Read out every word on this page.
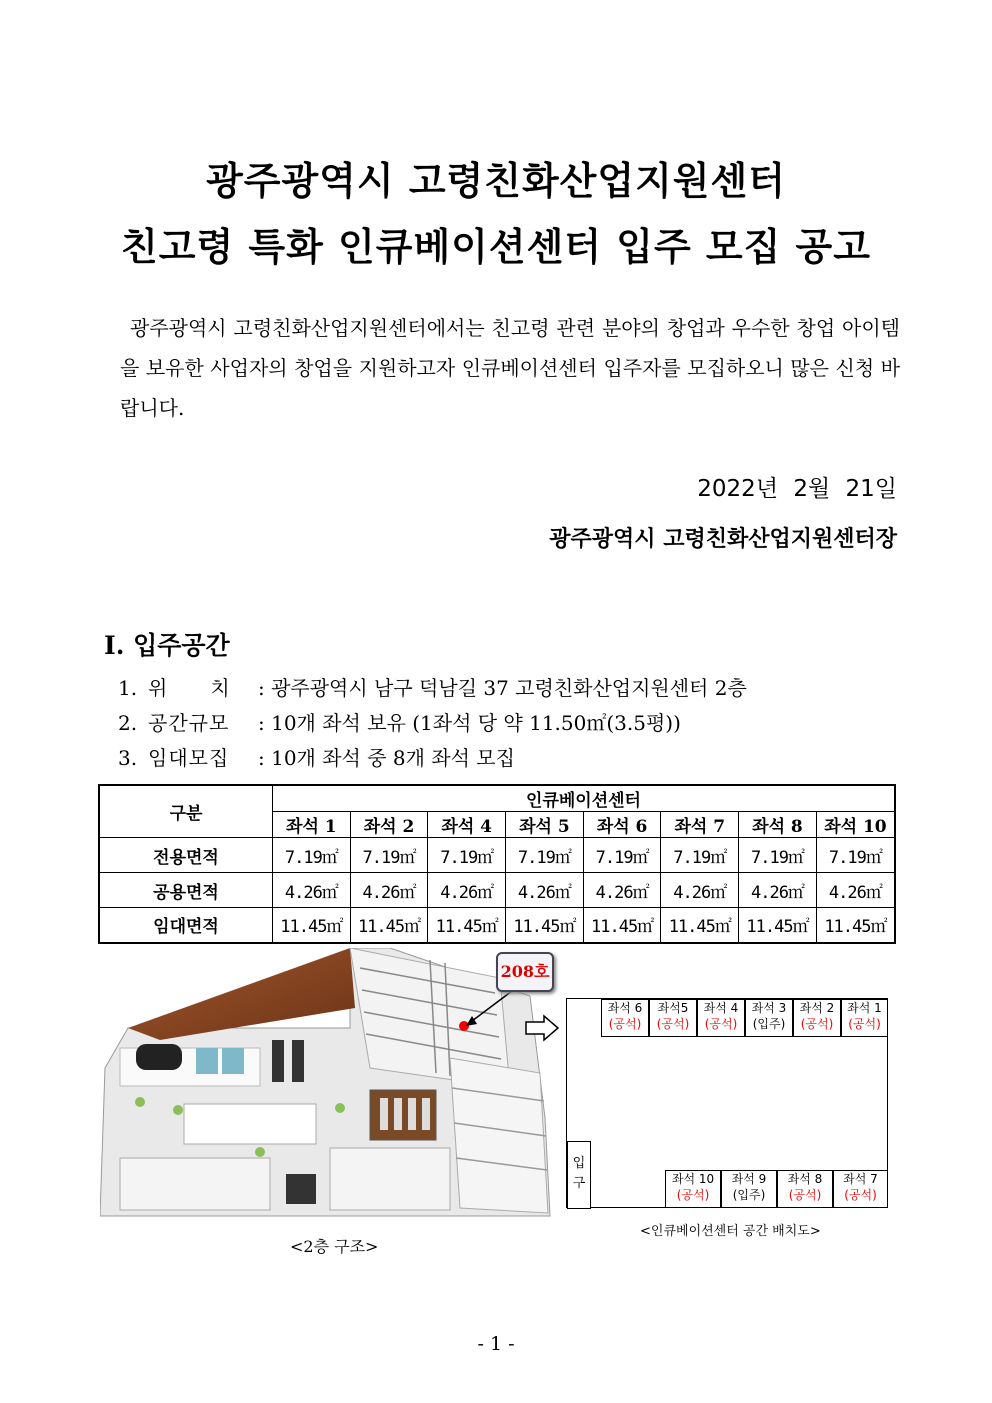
광주광역시 고령친화산업지원센터
친고령 특화 인큐베이션센터 입주 모집 공고
광주광역시 고령친화산업지원센터에서는 친고령 관련 분야의 창업과 우수한 창업 아이템을 보유한 사업자의 창업을 지원하고자 인큐베이션센터 입주자를 모집하오니 많은 신청 바랍니다.
2022년 2월 21일
광주광역시 고령친화산업지원센터장
Ⅰ. 입주공간
1. 위　　치 : 광주광역시 남구 덕남길 37 고령친화산업지원센터 2층
2. 공간규모 : 10개 좌석 보유 (1좌석 당 약 11.50㎡(3.5평))
3. 임대모집 : 10개 좌석 중 8개 좌석 모집
구분	인큐베이션센터							
	좌석 1	좌석 2	좌석 4	좌석 5	좌석 6	좌석 7	좌석 8	좌석 10
전용면적	7.19㎡	7.19㎡	7.19㎡	7.19㎡	7.19㎡	7.19㎡	7.19㎡	7.19㎡
공용면적	4.26㎡	4.26㎡	4.26㎡	4.26㎡	4.26㎡	4.26㎡	4.26㎡	4.26㎡
임대면적	11.45㎡	11.45㎡	11.45㎡	11.45㎡	11.45㎡	11.45㎡	11.45㎡	11.45㎡
208호
좌석 6
(공석)
좌석5
(공석)
좌석 4
(공석)
좌석 3
(입주)
좌석 2
(공석)
좌석 1
(공석)
입
구	좌석 10
(공석)
좌석 9
(입주)
좌석 8
(공석)
좌석 7
(공석)
<2층 구조>
<인큐베이션센터 공간 배치도>
- 1 -
